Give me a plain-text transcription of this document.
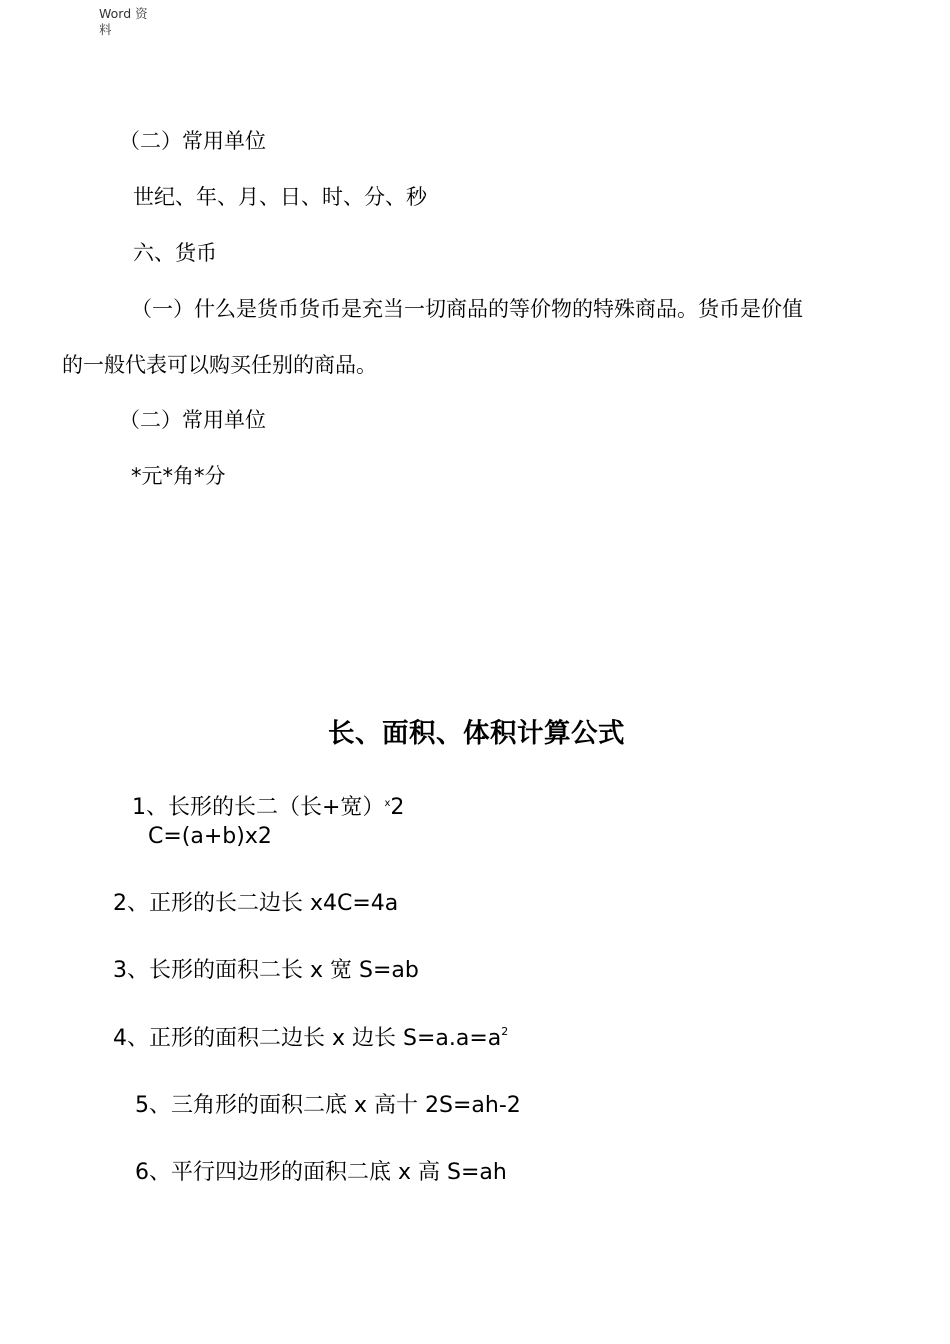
Word 资
料
（二）常用单位
世纪、年、月、日、时、分、秒
六、货币
（一）什么是货币货币是充当一切商品的等价物的特殊商品。货币是价值
的一般代表可以购买任别的商品。
（二）常用单位
*元*角*分
长、面积、体积计算公式
1、长形的长二（长+宽）$^x$2
C=(a+b)x2
2、正形的长二边长 x4C=4a
3、长形的面积二长 x 宽 S=ab
4、正形的面积二边长 x 边长 $S=a.a=a^2$
5、三角形的面积二底 x 高十 2S=ah-2
6、平行四边形的面积二底 x 高 S=ah
